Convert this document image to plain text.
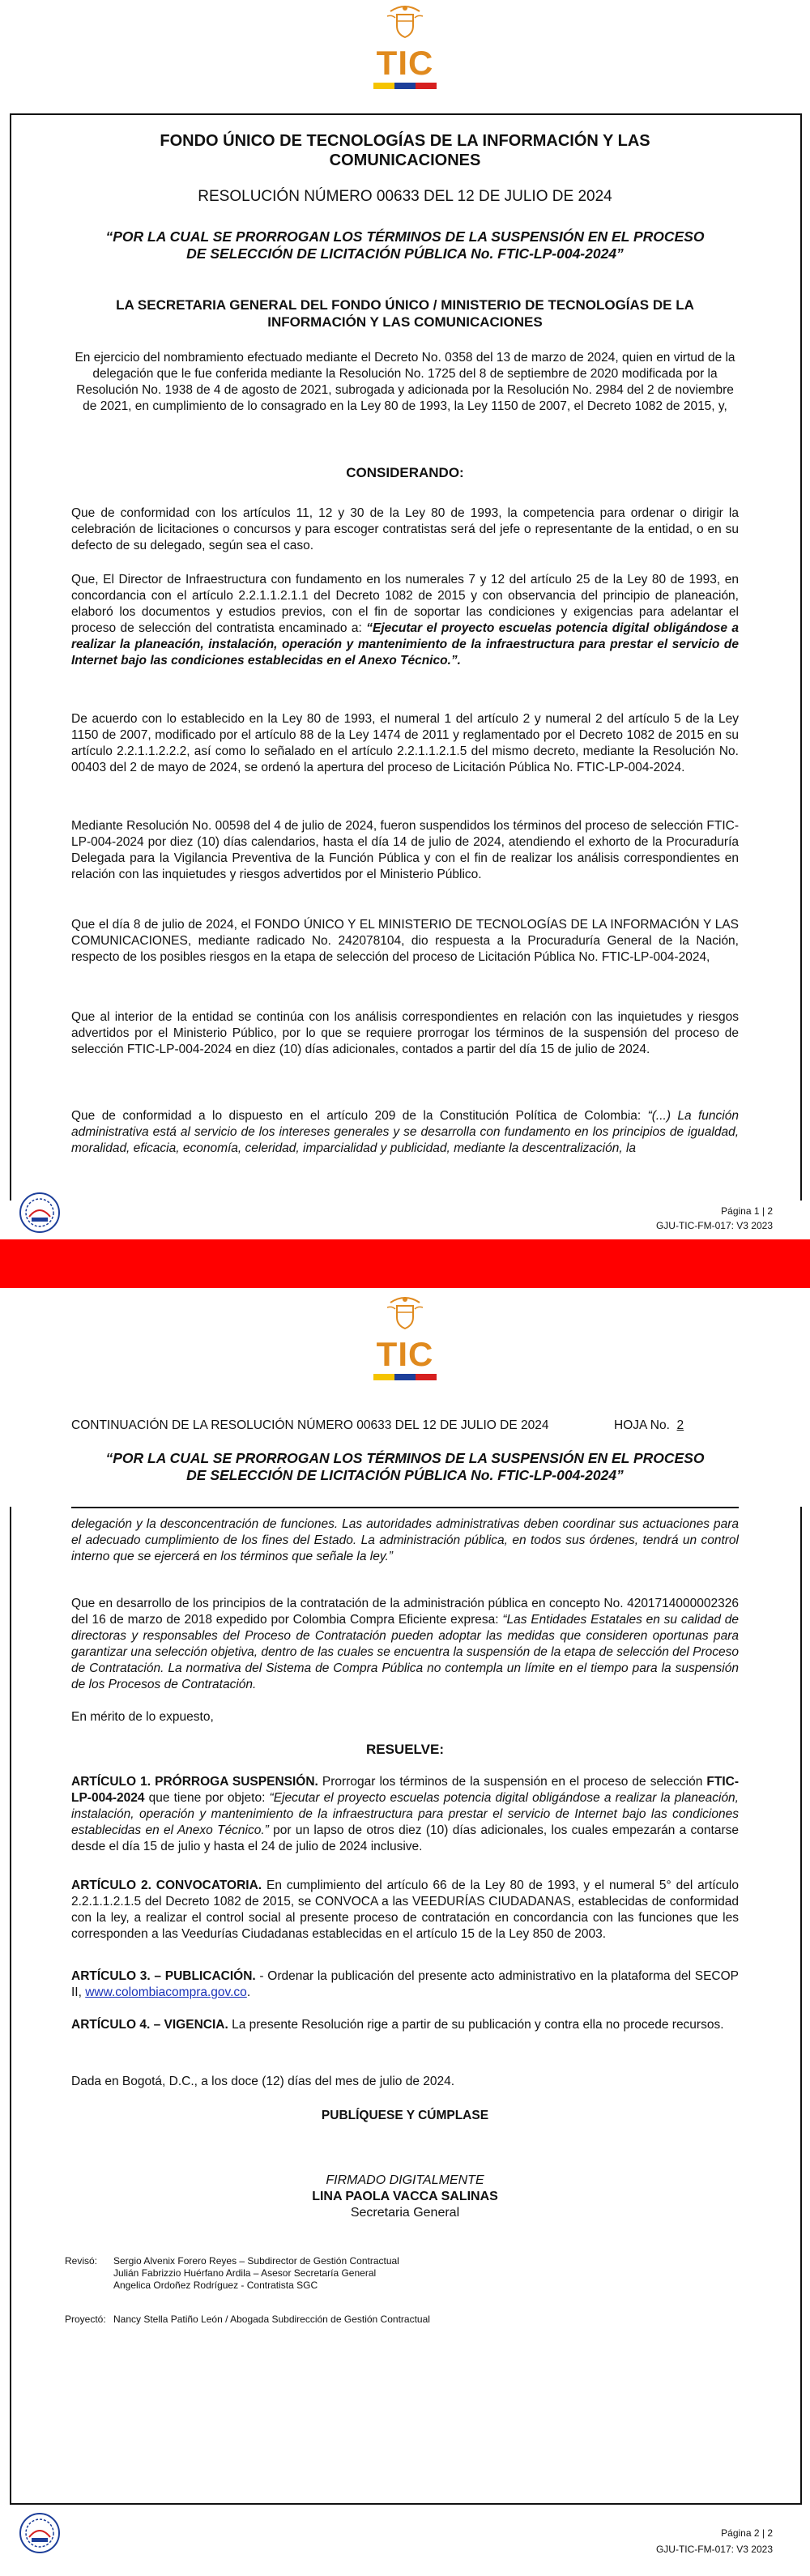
TIC
FONDO ÚNICO DE TECNOLOGÍAS DE LA INFORMACIÓN Y LAS COMUNICACIONES
RESOLUCIÓN NÚMERO 00633 DEL 12 DE JULIO DE 2024
“POR LA CUAL SE PRORROGAN LOS TÉRMINOS DE LA SUSPENSIÓN EN EL PROCESO DE SELECCIÓN DE LICITACIÓN PÚBLICA No. FTIC-LP-004-2024”
LA SECRETARIA GENERAL DEL FONDO ÚNICO / MINISTERIO DE TECNOLOGÍAS DE LA INFORMACIÓN Y LAS COMUNICACIONES
En ejercicio del nombramiento efectuado mediante el Decreto No. 0358 del 13 de marzo de 2024, quien en virtud de la delegación que le fue conferida mediante la Resolución No. 1725 del 8 de septiembre de 2020 modificada por la Resolución No. 1938 de 4 de agosto de 2021, subrogada y adicionada por la Resolución No. 2984 del 2 de noviembre de 2021, en cumplimiento de lo consagrado en la Ley 80 de 1993, la Ley 1150 de 2007, el Decreto 1082 de 2015, y,
CONSIDERANDO:
Que de conformidad con los artículos 11, 12 y 30 de la Ley 80 de 1993, la competencia para ordenar o dirigir la celebración de licitaciones o concursos y para escoger contratistas será del jefe o representante de la entidad, o en su defecto de su delegado, según sea el caso.
Que, El Director de Infraestructura con fundamento en los numerales 7 y 12 del artículo 25 de la Ley 80 de 1993, en concordancia con el artículo 2.2.1.1.2.1.1 del Decreto 1082 de 2015 y con observancia del principio de planeación, elaboró los documentos y estudios previos, con el fin de soportar las condiciones y exigencias para adelantar el proceso de selección del contratista encaminado a: “Ejecutar el proyecto escuelas potencia digital obligándose a realizar la planeación, instalación, operación y mantenimiento de la infraestructura para prestar el servicio de Internet bajo las condiciones establecidas en el Anexo Técnico.”.
De acuerdo con lo establecido en la Ley 80 de 1993, el numeral 1 del artículo 2 y numeral 2 del artículo 5 de la Ley 1150 de 2007, modificado por el artículo 88 de la Ley 1474 de 2011 y reglamentado por el Decreto 1082 de 2015 en su artículo 2.2.1.1.2.2.2, así como lo señalado en el artículo 2.2.1.1.2.1.5 del mismo decreto, mediante la Resolución No. 00403 del 2 de mayo de 2024, se ordenó la apertura del proceso de Licitación Pública No. FTIC-LP-004-2024.
Mediante Resolución No. 00598 del 4 de julio de 2024, fueron suspendidos los términos del proceso de selección FTIC-LP-004-2024 por diez (10) días calendarios, hasta el día 14 de julio de 2024, atendiendo el exhorto de la Procuraduría Delegada para la Vigilancia Preventiva de la Función Pública y con el fin de realizar los análisis correspondientes en relación con las inquietudes y riesgos advertidos por el Ministerio Público.
Que el día 8 de julio de 2024, el FONDO ÚNICO Y EL MINISTERIO DE TECNOLOGÍAS DE LA INFORMACIÓN Y LAS COMUNICACIONES, mediante radicado No. 242078104, dio respuesta a la Procuraduría General de la Nación, respecto de los posibles riesgos en la etapa de selección del proceso de Licitación Pública No. FTIC-LP-004-2024,
Que al interior de la entidad se continúa con los análisis correspondientes en relación con las inquietudes y riesgos advertidos por el Ministerio Público, por lo que se requiere prorrogar los términos de la suspensión del proceso de selección FTIC-LP-004-2024 en diez (10) días adicionales, contados a partir del día 15 de julio de 2024.
Que de conformidad a lo dispuesto en el artículo 209 de la Constitución Política de Colombia: “(...) La función administrativa está al servicio de los intereses generales y se desarrolla con fundamento en los principios de igualdad, moralidad, eficacia, economía, celeridad, imparcialidad y publicidad, mediante la descentralización, la
Página 1 | 2
GJU-TIC-FM-017: V3 2023
TIC
CONTINUACIÓN DE LA RESOLUCIÓN NÚMERO 00633 DEL 12 DE JULIO DE 2024	HOJA No. 2
“POR LA CUAL SE PRORROGAN LOS TÉRMINOS DE LA SUSPENSIÓN EN EL PROCESO DE SELECCIÓN DE LICITACIÓN PÚBLICA No. FTIC-LP-004-2024”
delegación y la desconcentración de funciones. Las autoridades administrativas deben coordinar sus actuaciones para el adecuado cumplimiento de los fines del Estado. La administración pública, en todos sus órdenes, tendrá un control interno que se ejercerá en los términos que señale la ley.”
Que en desarrollo de los principios de la contratación de la administración pública en concepto No. 4201714000002326 del 16 de marzo de 2018 expedido por Colombia Compra Eficiente expresa: “Las Entidades Estatales en su calidad de directoras y responsables del Proceso de Contratación pueden adoptar las medidas que consideren oportunas para garantizar una selección objetiva, dentro de las cuales se encuentra la suspensión de la etapa de selección del Proceso de Contratación. La normativa del Sistema de Compra Pública no contempla un límite en el tiempo para la suspensión de los Procesos de Contratación.
En mérito de lo expuesto,
RESUELVE:
ARTÍCULO 1. PRÓRROGA SUSPENSIÓN. Prorrogar los términos de la suspensión en el proceso de selección FTIC-LP-004-2024 que tiene por objeto: “Ejecutar el proyecto escuelas potencia digital obligándose a realizar la planeación, instalación, operación y mantenimiento de la infraestructura para prestar el servicio de Internet bajo las condiciones establecidas en el Anexo Técnico.” por un lapso de otros diez (10) días adicionales, los cuales empezarán a contarse desde el día 15 de julio y hasta el 24 de julio de 2024 inclusive.
ARTÍCULO 2. CONVOCATORIA. En cumplimiento del artículo 66 de la Ley 80 de 1993, y el numeral 5° del artículo 2.2.1.1.2.1.5 del Decreto 1082 de 2015, se CONVOCA a las VEEDURÍAS CIUDADANAS, establecidas de conformidad con la ley, a realizar el control social al presente proceso de contratación en concordancia con las funciones que les corresponden a las Veedurías Ciudadanas establecidas en el artículo 15 de la Ley 850 de 2003.
ARTÍCULO 3. – PUBLICACIÓN. - Ordenar la publicación del presente acto administrativo en la plataforma del SECOP II, www.colombiacompra.gov.co.
ARTÍCULO 4. – VIGENCIA. La presente Resolución rige a partir de su publicación y contra ella no procede recursos.
Dada en Bogotá, D.C., a los doce (12) días del mes de julio de 2024.
PUBLÍQUESE Y CÚMPLASE
FIRMADO DIGITALMENTE
LINA PAOLA VACCA SALINAS
Secretaria General
Revisó:	Sergio Alvenix Forero Reyes – Subdirector de Gestión Contractual
Julián Fabrizzio Huérfano Ardila – Asesor Secretaría General
Angelica Ordoñez Rodríguez - Contratista SGC
Proyectó: Nancy Stella Patiño León / Abogada Subdirección de Gestión Contractual
Página 2 | 2
GJU-TIC-FM-017: V3 2023
